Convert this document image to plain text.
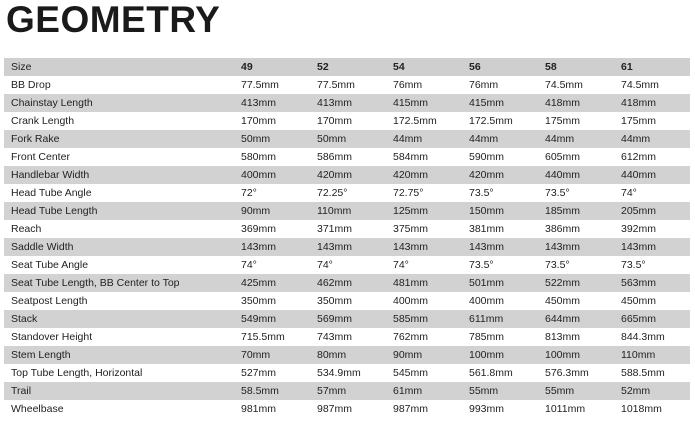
GEOMETRY
Size	49	52	54	56	58	61
BB Drop	77.5mm	77.5mm	76mm	76mm	74.5mm	74.5mm
Chainstay Length	413mm	413mm	415mm	415mm	418mm	418mm
Crank Length	170mm	170mm	172.5mm	172.5mm	175mm	175mm
Fork Rake	50mm	50mm	44mm	44mm	44mm	44mm
Front Center	580mm	586mm	584mm	590mm	605mm	612mm
Handlebar Width	400mm	420mm	420mm	420mm	440mm	440mm
Head Tube Angle	72°	72.25°	72.75°	73.5°	73.5°	74°
Head Tube Length	90mm	110mm	125mm	150mm	185mm	205mm
Reach	369mm	371mm	375mm	381mm	386mm	392mm
Saddle Width	143mm	143mm	143mm	143mm	143mm	143mm
Seat Tube Angle	74°	74°	74°	73.5°	73.5°	73.5°
Seat Tube Length, BB Center to Top	425mm	462mm	481mm	501mm	522mm	563mm
Seatpost Length	350mm	350mm	400mm	400mm	450mm	450mm
Stack	549mm	569mm	585mm	611mm	644mm	665mm
Standover Height	715.5mm	743mm	762mm	785mm	813mm	844.3mm
Stem Length	70mm	80mm	90mm	100mm	100mm	110mm
Top Tube Length, Horizontal	527mm	534.9mm	545mm	561.8mm	576.3mm	588.5mm
Trail	58.5mm	57mm	61mm	55mm	55mm	52mm
Wheelbase	981mm	987mm	987mm	993mm	1011mm	1018mm
